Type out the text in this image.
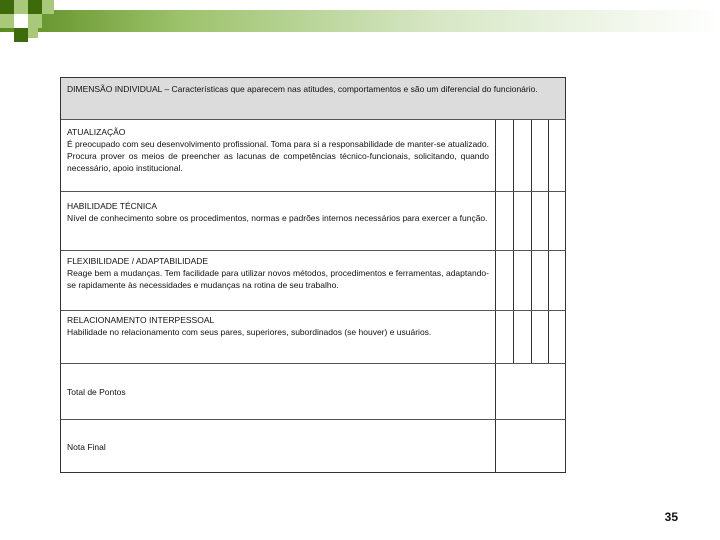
DIMENSÃO INDIVIDUAL – Características que aparecem nas atitudes, comportamentos e são um diferencial do funcionário.
ATUALIZAÇÃO
É preocupado com seu desenvolvimento profissional. Toma para si a responsabilidade de manter-se atualizado. Procura prover os meios de preencher as lacunas de competências técnico-funcionais, solicitando, quando necessário, apoio institucional.
HABILIDADE TÉCNICA
Nível de conhecimento sobre os procedimentos, normas e padrões internos necessários para exercer a função.
FLEXIBILIDADE / ADAPTABILIDADE
Reage bem a mudanças. Tem facilidade para utilizar novos métodos, procedimentos e ferramentas, adaptando-se rapidamente às necessidades e mudanças na rotina de seu trabalho.
RELACIONAMENTO INTERPESSOAL
Habilidade no relacionamento com seus pares, superiores, subordinados (se houver) e usuários.
Total de Pontos
Nota Final
35
